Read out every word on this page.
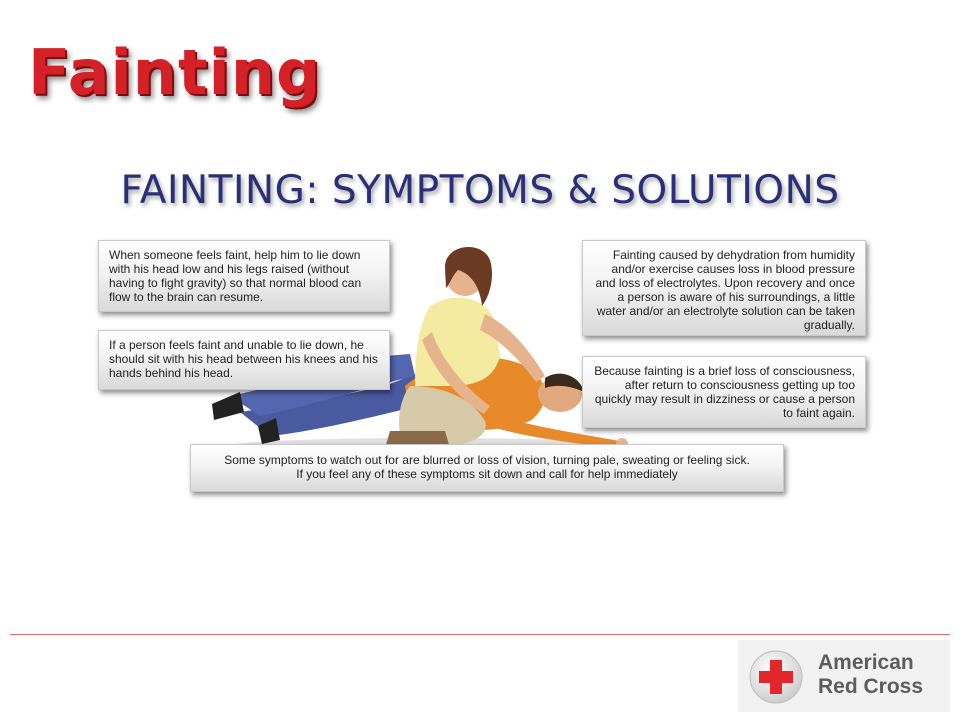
Fainting
FAINTING: SYMPTOMS & SOLUTIONS
When someone feels faint, help him to lie down with his head low and his legs raised (without having to fight gravity) so that normal blood can flow to the brain can resume.
If a person feels faint and unable to lie down, he should sit with his head between his knees and his hands behind his head.
Fainting caused by dehydration from humidity and/or exercise causes loss in blood pressure and loss of electrolytes. Upon recovery and once a person is aware of his surroundings, a little water and/or an electrolyte solution can be taken gradually.
Because fainting is a brief loss of consciousness, after return to consciousness getting up too quickly may result in dizziness or cause a person to faint again.
Some symptoms to watch out for are blurred or loss of vision, turning pale, sweating or feeling sick.
If you feel any of these symptoms sit down and call for help immediately
American
Red Cross
